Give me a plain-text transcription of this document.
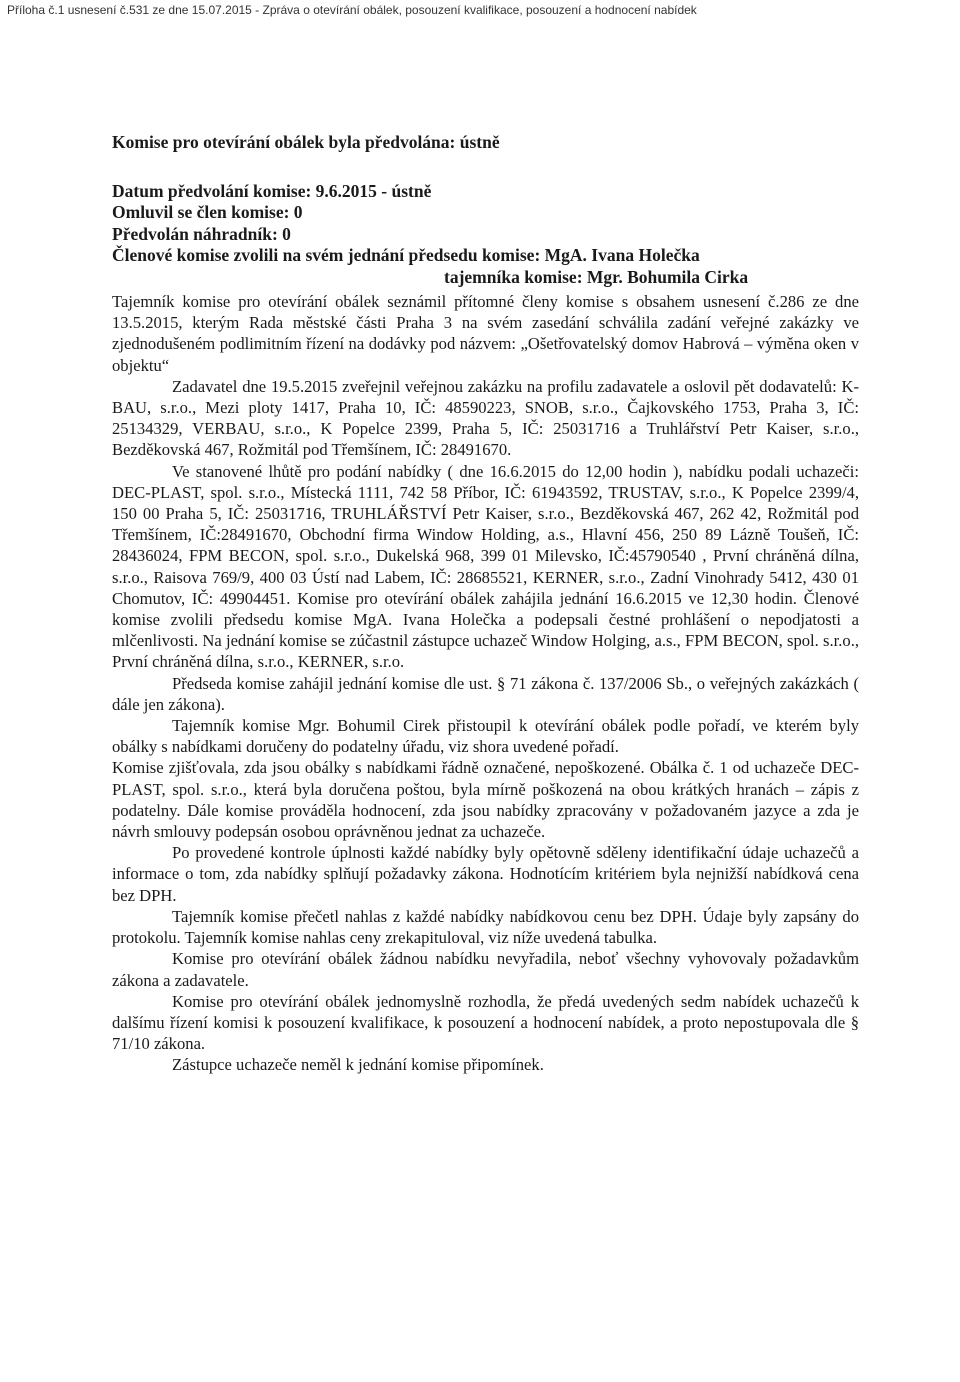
Příloha č.1 usnesení č.531 ze dne 15.07.2015 - Zpráva o otevírání obálek, posouzení kvalifikace, posouzení a hodnocení nabídek

Komise pro otevírání obálek byla předvolána: ústně

Datum předvolání komise: 9.6.2015 - ústně

Omluvil se člen komise: 0

Předvolán náhradník: 0

Členové komise zvolili na svém jednání předsedu komise: MgA. Ivana Holečka

tajemníka komise: Mgr. Bohumila Cirka

Tajemník komise pro otevírání obálek seznámil přítomné členy komise s obsahem usnesení č.286 ze dne 13.5.2015, kterým Rada městské části Praha 3 na svém zasedání schválila zadání veřejné zakázky ve zjednodušeném podlimitním řízení na dodávky pod názvem: „Ošetřovatelský domov Habrová – výměna oken v objektu“

Zadavatel dne 19.5.2015 zveřejnil veřejnou zakázku na profilu zadavatele a oslovil pět dodavatelů: K-BAU, s.r.o., Mezi ploty 1417, Praha 10, IČ: 48590223, SNOB, s.r.o., Čajkovského 1753, Praha 3, IČ: 25134329, VERBAU, s.r.o., K Popelce 2399, Praha 5, IČ: 25031716 a Truhlářství Petr Kaiser, s.r.o., Bezděkovská 467, Rožmitál pod Třemšínem, IČ: 28491670.

Ve stanovené lhůtě pro podání nabídky ( dne 16.6.2015 do 12,00 hodin ), nabídku podali uchazeči: DEC-PLAST, spol. s.r.o., Místecká 1111, 742 58 Příbor, IČ: 61943592, TRUSTAV, s.r.o., K Popelce 2399/4, 150 00 Praha 5, IČ: 25031716, TRUHLÁŘSTVÍ Petr Kaiser, s.r.o., Bezděkovská 467, 262 42, Rožmitál pod Třemšínem, IČ:28491670, Obchodní firma Window Holding, a.s., Hlavní 456, 250 89 Lázně Toušeň, IČ: 28436024, FPM BECON, spol. s.r.o., Dukelská 968, 399 01 Milevsko, IČ:45790540 , První chráněná dílna, s.r.o., Raisova 769/9, 400 03 Ústí nad Labem, IČ: 28685521, KERNER, s.r.o., Zadní Vinohrady 5412, 430 01 Chomutov, IČ: 49904451. Komise pro otevírání obálek zahájila jednání 16.6.2015 ve 12,30 hodin. Členové komise zvolili předsedu komise MgA. Ivana Holečka a podepsali čestné prohlášení o nepodjatosti a mlčenlivosti. Na jednání komise se zúčastnil zástupce uchazeč Window Holging, a.s., FPM BECON, spol. s.r.o., První chráněná dílna, s.r.o., KERNER, s.r.o.

Předseda komise zahájil jednání komise dle ust. § 71 zákona č. 137/2006 Sb., o veřejných zakázkách ( dále jen zákona).

Tajemník komise Mgr. Bohumil Cirek přistoupil k otevírání obálek podle pořadí, ve kterém byly obálky s nabídkami doručeny do podatelny úřadu, viz shora uvedené pořadí.

Komise zjišťovala, zda jsou obálky s nabídkami řádně označené, nepoškozené. Obálka č. 1 od uchazeče DEC-PLAST, spol. s.r.o., která byla doručena poštou, byla mírně poškozená na obou krátkých hranách – zápis z podatelny. Dále komise prováděla hodnocení, zda jsou nabídky zpracovány v požadovaném jazyce a zda je návrh smlouvy podepsán osobou oprávněnou jednat za uchazeče.

Po provedené kontrole úplnosti každé nabídky byly opětovně sděleny identifikační údaje uchazečů a informace o tom, zda nabídky splňují požadavky zákona. Hodnotícím kritériem byla nejnižší nabídková cena bez DPH.

Tajemník komise přečetl nahlas z každé nabídky nabídkovou cenu bez DPH. Údaje byly zapsány do protokolu. Tajemník komise nahlas ceny zrekapituloval, viz níže uvedená tabulka.

Komise pro otevírání obálek žádnou nabídku nevyřadila, neboť všechny vyhovovaly požadavkům zákona a zadavatele.

Komise pro otevírání obálek jednomyslně rozhodla, že předá uvedených sedm nabídek uchazečů k dalšímu řízení komisi k posouzení kvalifikace, k posouzení a hodnocení nabídek, a proto nepostupovala dle § 71/10 zákona.

Zástupce uchazeče neměl k jednání komise připomínek.
